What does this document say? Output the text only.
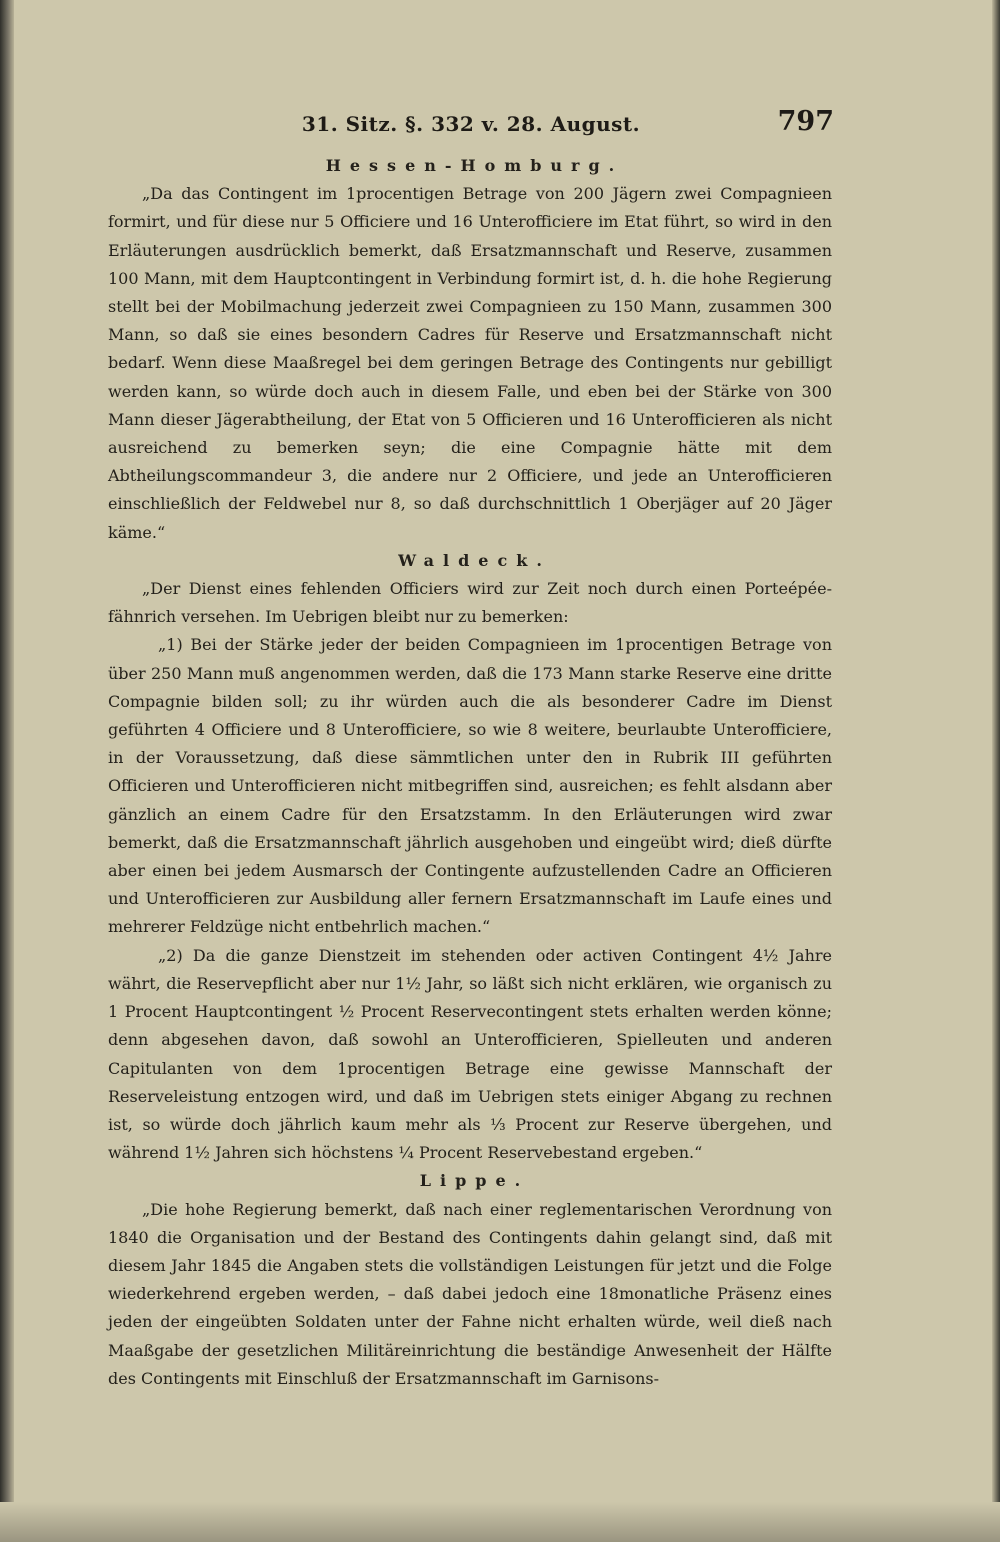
31. Sitz. §. 332 v. 28. August.	797

Hessen-Homburg.

„Da das Contingent im 1procentigen Betrage von 200 Jägern zwei Compagnieen formirt, und für diese nur 5 Officiere und 16 Unterofficiere im Etat führt, so wird in den Erläuterungen ausdrücklich bemerkt, daß Ersatzmannschaft und Reserve, zusammen 100 Mann, mit dem Hauptcontingent in Verbindung formirt ist, d. h. die hohe Regierung stellt bei der Mobilmachung jederzeit zwei Compagnieen zu 150 Mann, zusammen 300 Mann, so daß sie eines besondern Cadres für Reserve und Ersatzmannschaft nicht bedarf. Wenn diese Maaßregel bei dem geringen Betrage des Contingents nur gebilligt werden kann, so würde doch auch in diesem Falle, und eben bei der Stärke von 300 Mann dieser Jägerabtheilung, der Etat von 5 Officieren und 16 Unterofficieren als nicht ausreichend zu bemerken seyn; die eine Compagnie hätte mit dem Abtheilungscommandeur 3, die andere nur 2 Officiere, und jede an Unterofficieren einschließlich der Feldwebel nur 8, so daß durchschnittlich 1 Oberjäger auf 20 Jäger käme.“

Waldeck.

„Der Dienst eines fehlenden Officiers wird zur Zeit noch durch einen Porteépée-fähnrich versehen. Im Uebrigen bleibt nur zu bemerken:

„1) Bei der Stärke jeder der beiden Compagnieen im 1procentigen Betrage von über 250 Mann muß angenommen werden, daß die 173 Mann starke Reserve eine dritte Compagnie bilden soll; zu ihr würden auch die als besonderer Cadre im Dienst geführten 4 Officiere und 8 Unterofficiere, so wie 8 weitere, beurlaubte Unterofficiere, in der Voraussetzung, daß diese sämmtlichen unter den in Rubrik III geführten Officieren und Unterofficieren nicht mitbegriffen sind, ausreichen; es fehlt alsdann aber gänzlich an einem Cadre für den Ersatzstamm. In den Erläuterungen wird zwar bemerkt, daß die Ersatzmannschaft jährlich ausgehoben und eingeübt wird; dieß dürfte aber einen bei jedem Ausmarsch der Contingente aufzustellenden Cadre an Officieren und Unterofficieren zur Ausbildung aller fernern Ersatzmannschaft im Laufe eines und mehrerer Feldzüge nicht entbehrlich machen.“

„2) Da die ganze Dienstzeit im stehenden oder activen Contingent 4½ Jahre währt, die Reservepflicht aber nur 1½ Jahr, so läßt sich nicht erklären, wie organisch zu 1 Procent Hauptcontingent ½ Procent Reservecontingent stets erhalten werden könne; denn abgesehen davon, daß sowohl an Unterofficieren, Spielleuten und anderen Capitulanten von dem 1procentigen Betrage eine gewisse Mannschaft der Reserveleistung entzogen wird, und daß im Uebrigen stets einiger Abgang zu rechnen ist, so würde doch jährlich kaum mehr als ⅓ Procent zur Reserve übergehen, und während 1½ Jahren sich höchstens ¼ Procent Reservebestand ergeben.“

Lippe.

„Die hohe Regierung bemerkt, daß nach einer reglementarischen Verordnung von 1840 die Organisation und der Bestand des Contingents dahin gelangt sind, daß mit diesem Jahr 1845 die Angaben stets die vollständigen Leistungen für jetzt und die Folge wiederkehrend ergeben werden, – daß dabei jedoch eine 18monatliche Präsenz eines jeden der eingeübten Soldaten unter der Fahne nicht erhalten würde, weil dieß nach Maaßgabe der gesetzlichen Militäreinrichtung die beständige Anwesenheit der Hälfte des Contingents mit Einschluß der Ersatzmannschaft im Garnisons-
